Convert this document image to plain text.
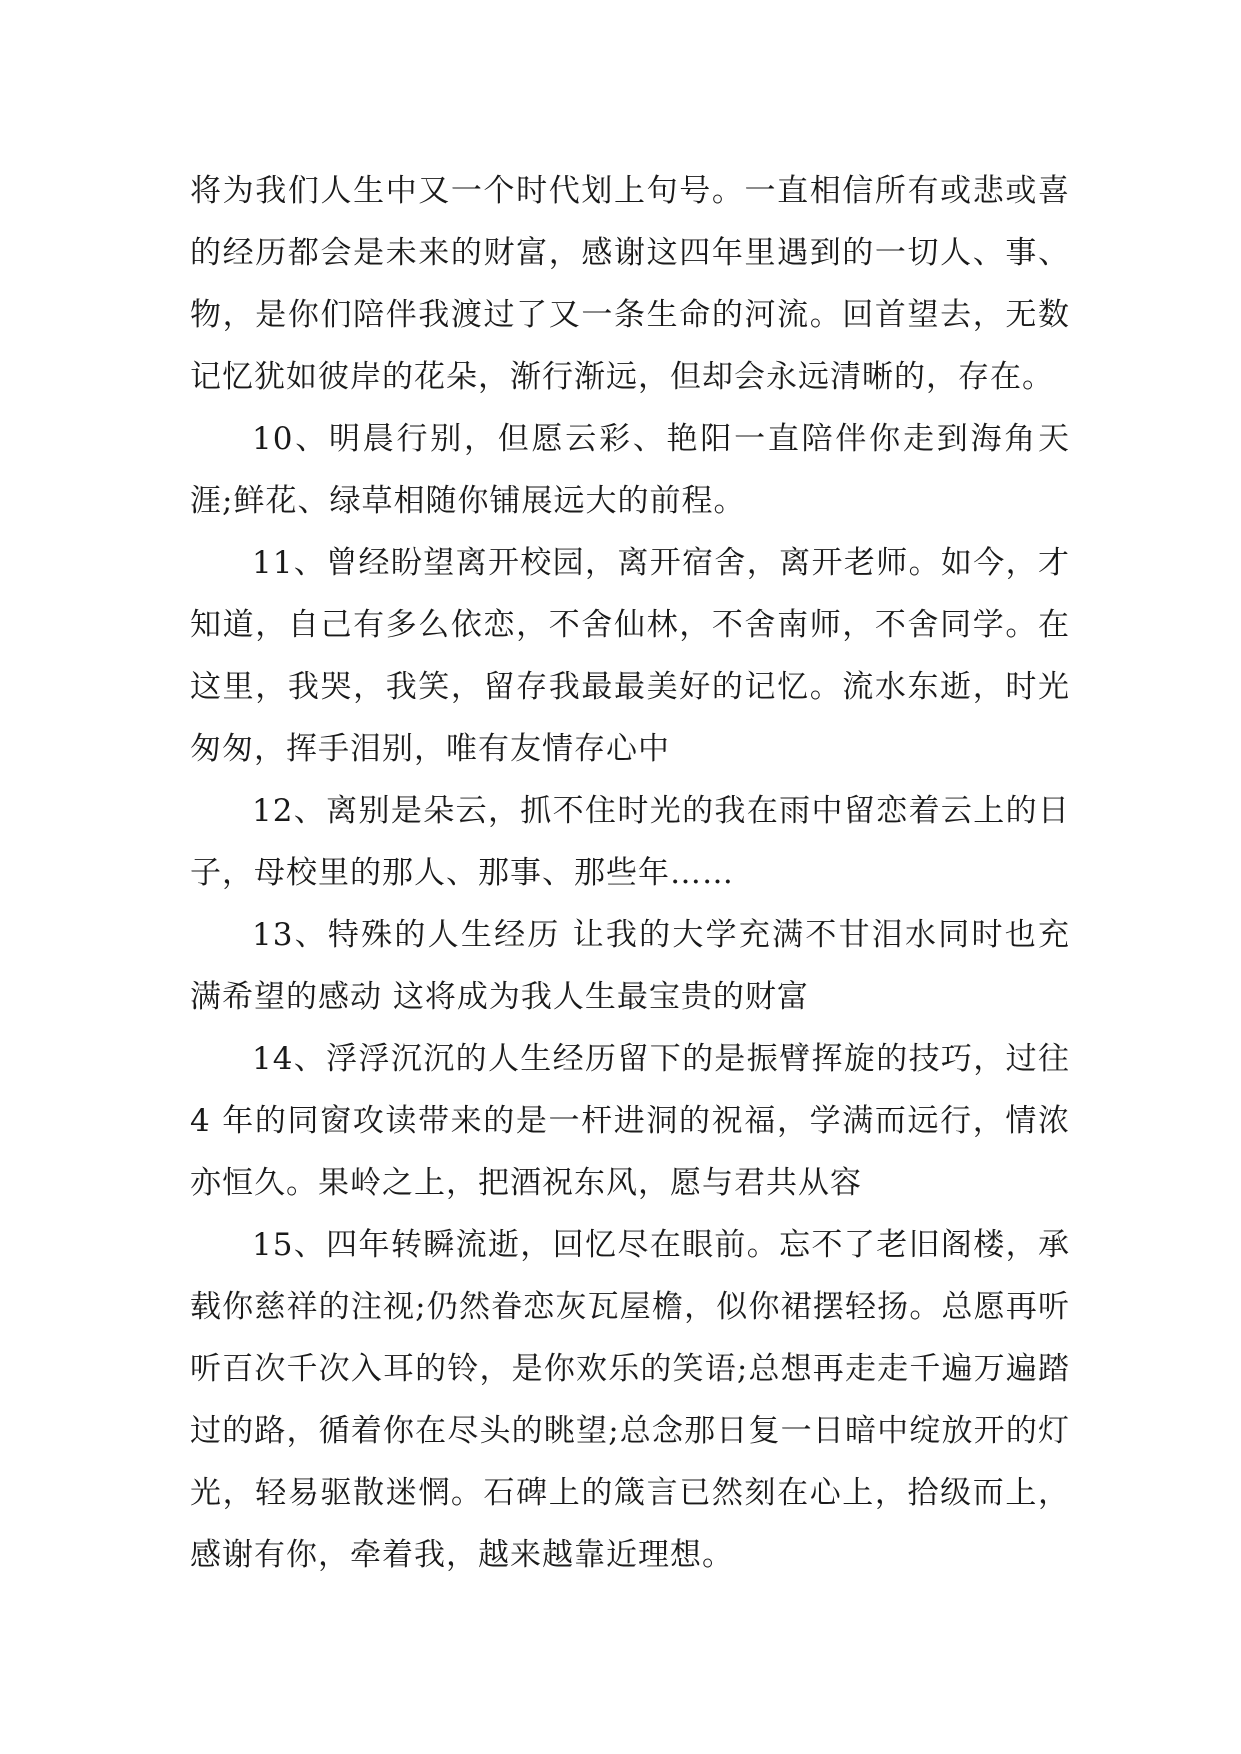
将为我们人生中又一个时代划上句号。一直相信所有或悲或喜的经历都会是未来的财富，感谢这四年里遇到的一切人、事、物，是你们陪伴我渡过了又一条生命的河流。回首望去，无数记忆犹如彼岸的花朵，渐行渐远，但却会永远清晰的，存在。

10、明晨行别，但愿云彩、艳阳一直陪伴你走到海角天涯;鲜花、绿草相随你铺展远大的前程。

11、曾经盼望离开校园，离开宿舍，离开老师。如今，才知道，自己有多么依恋，不舍仙林，不舍南师，不舍同学。在这里，我哭，我笑，留存我最最美好的记忆。流水东逝，时光匆匆，挥手泪别，唯有友情存心中

12、离别是朵云，抓不住时光的我在雨中留恋着云上的日子，母校里的那人、那事、那些年……

13、特殊的人生经历 让我的大学充满不甘泪水同时也充满希望的感动 这将成为我人生最宝贵的财富

14、浮浮沉沉的人生经历留下的是振臂挥旋的技巧，过往 4 年的同窗攻读带来的是一杆进洞的祝福，学满而远行，情浓亦恒久。果岭之上，把酒祝东风，愿与君共从容

15、四年转瞬流逝，回忆尽在眼前。忘不了老旧阁楼，承载你慈祥的注视;仍然眷恋灰瓦屋檐，似你裙摆轻扬。总愿再听听百次千次入耳的铃，是你欢乐的笑语;总想再走走千遍万遍踏过的路，循着你在尽头的眺望;总念那日复一日暗中绽放开的灯光，轻易驱散迷惘。石碑上的箴言已然刻在心上，拾级而上，感谢有你，牵着我，越来越靠近理想。
